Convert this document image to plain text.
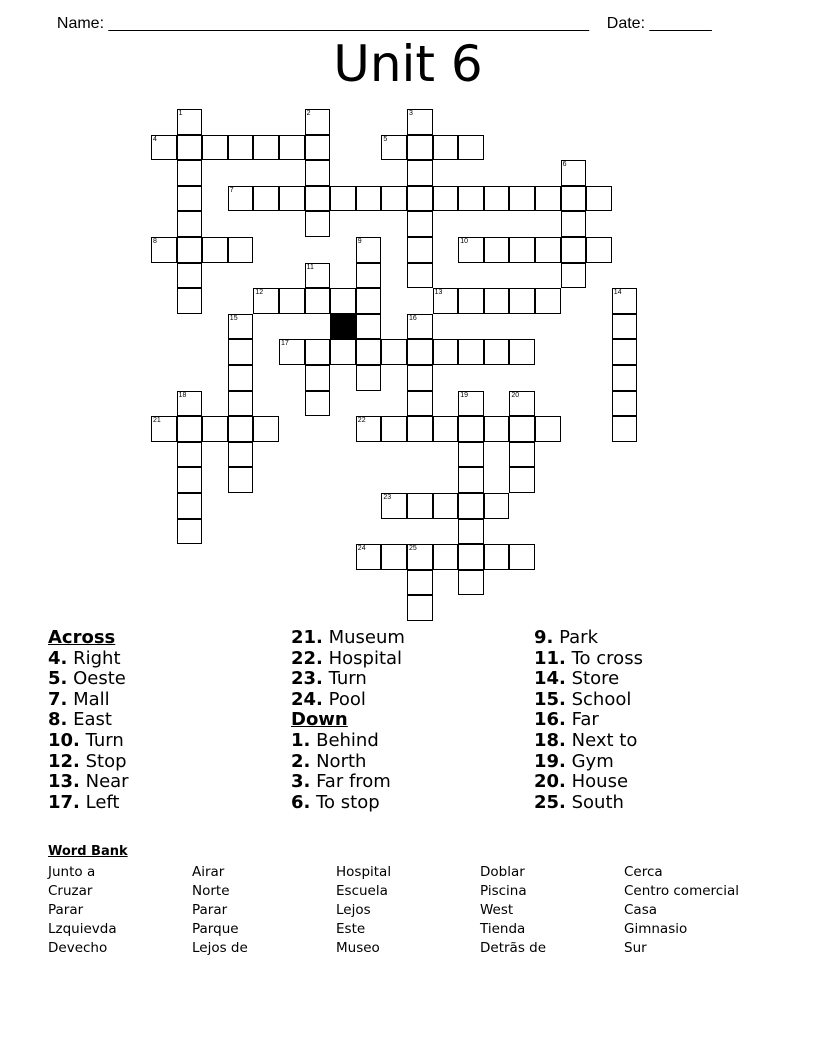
Name: ______________________________________________________ Date: _______

Unit 6
1	2	3
4	5
6
7
8	9	10
11
12	13	14
15	16
17
18	19	20
21	22
23
24	25
Across
4. Right
5. Oeste
7. Mall
8. East
10. Turn
12. Stop
13. Near
17. Left
21. Museum
22. Hospital
23. Turn
24. Pool
Down
1. Behind
2. North
3. Far from
6. To stop
9. Park
11. To cross
14. Store
15. School
16. Far
18. Next to
19. Gym
20. House
25. South
Word Bank
Junto a
Cruzar
Parar
Lzquievda
Devecho
Airar
Norte
Parar
Parque
Lejos de
Hospital
Escuela
Lejos
Este
Museo
Doblar
Piscina
West
Tienda
Detrãs de
Cerca
Centro comercial
Casa
Gimnasio
Sur
